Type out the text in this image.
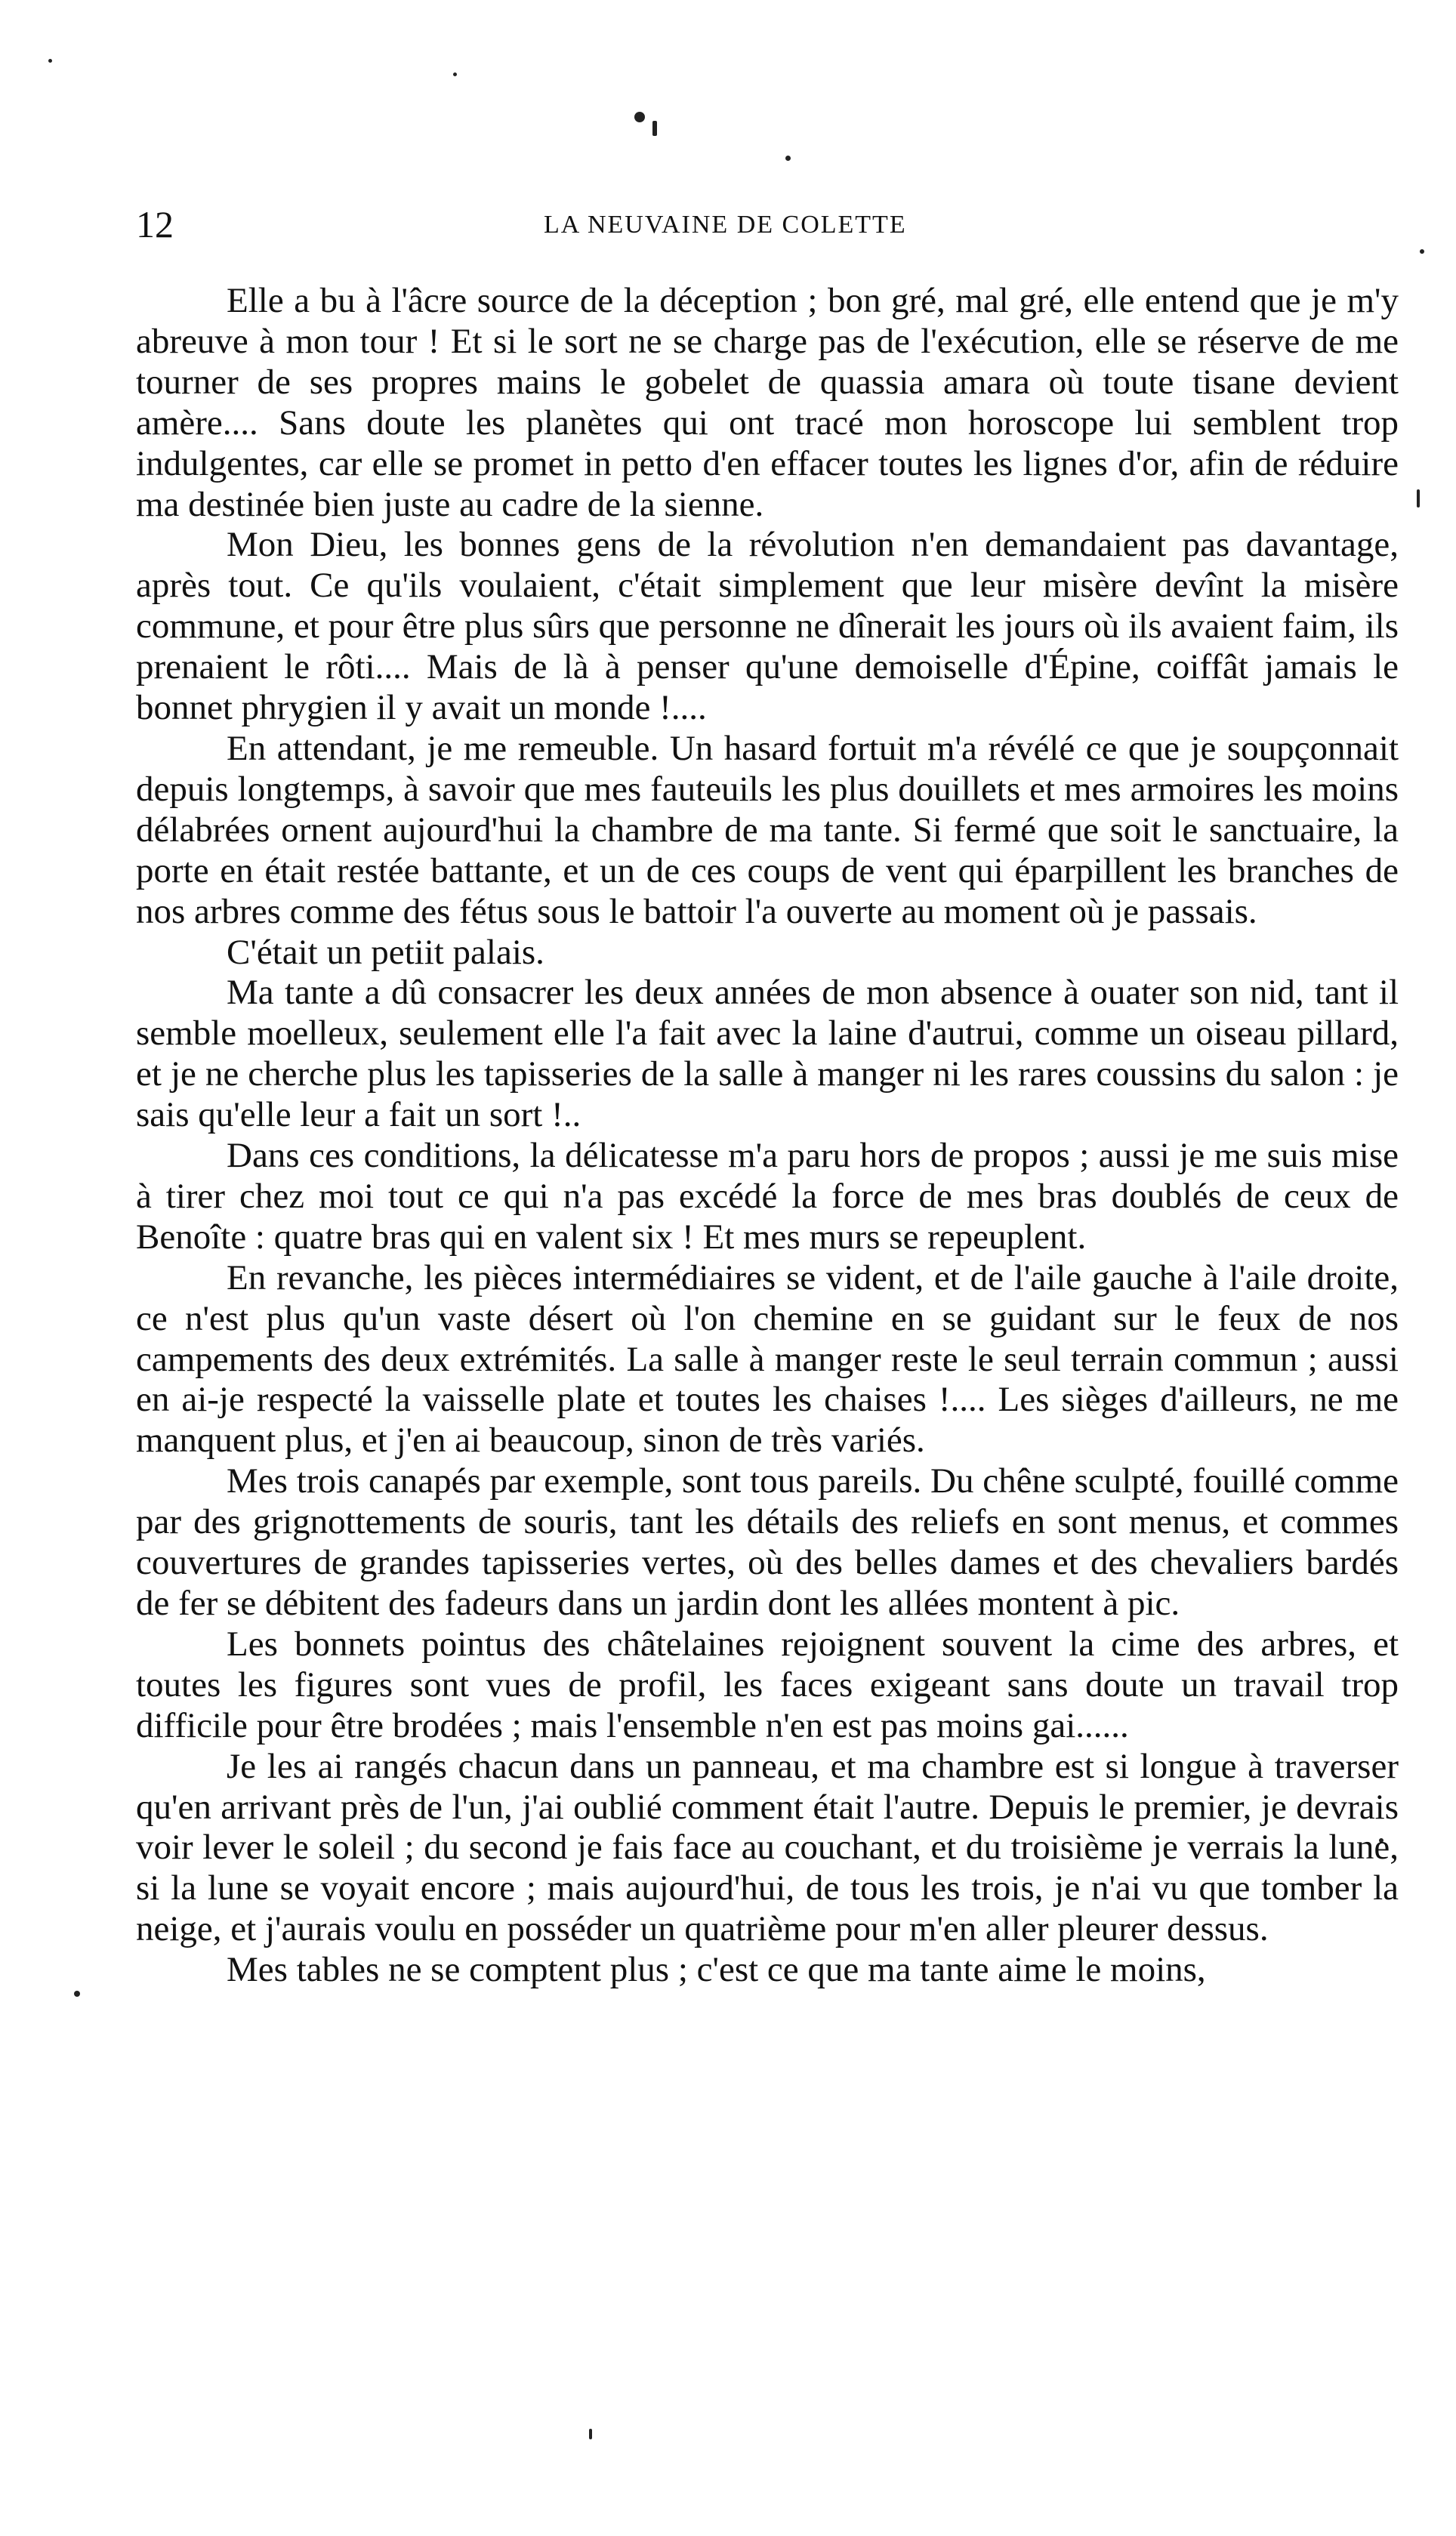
12	LA NEUVAINE DE COLETTE

Elle a bu à l'âcre source de la déception ; bon gré, mal gré, elle entend que je m'y abreuve à mon tour ! Et si le sort ne se charge pas de l'exécution, elle se réserve de me tourner de ses propres mains le gobelet de quassia amara où toute tisane devient amère.... Sans doute les planètes qui ont tracé mon horoscope lui semblent trop indulgentes, car elle se promet in petto d'en effacer toutes les lignes d'or, afin de réduire ma destinée bien juste au cadre de la sienne.

Mon Dieu, les bonnes gens de la révolution n'en demandaient pas davantage, après tout. Ce qu'ils voulaient, c'était simplement que leur misère devînt la misère commune, et pour être plus sûrs que personne ne dînerait les jours où ils avaient faim, ils prenaient le rôti.... Mais de là à penser qu'une demoiselle d'Épine, coiffât jamais le bonnet phrygien il y avait un monde !....

En attendant, je me remeuble. Un hasard fortuit m'a révélé ce que je soupçonnait depuis longtemps, à savoir que mes fauteuils les plus douillets et mes armoires les moins délabrées ornent aujourd'hui la chambre de ma tante. Si fermé que soit le sanctuaire, la porte en était restée battante, et un de ces coups de vent qui éparpillent les branches de nos arbres comme des fétus sous le battoir l'a ouverte au moment où je passais.

C'était un petiit palais.

Ma tante a dû consacrer les deux années de mon absence à ouater son nid, tant il semble moelleux, seulement elle l'a fait avec la laine d'autrui, comme un oiseau pillard, et je ne cherche plus les tapisseries de la salle à manger ni les rares coussins du salon : je sais qu'elle leur a fait un sort !..

Dans ces conditions, la délicatesse m'a paru hors de propos ; aussi je me suis mise à tirer chez moi tout ce qui n'a pas excédé la force de mes bras doublés de ceux de Benoîte : quatre bras qui en valent six ! Et mes murs se repeuplent.

En revanche, les pièces intermédiaires se vident, et de l'aile gauche à l'aile droite, ce n'est plus qu'un vaste désert où l'on chemine en se guidant sur le feux de nos campements des deux extrémités. La salle à manger reste le seul terrain commun ; aussi en ai-je respecté la vaisselle plate et toutes les chaises !.... Les sièges d'ailleurs, ne me manquent plus, et j'en ai beaucoup, sinon de très variés.

Mes trois canapés par exemple, sont tous pareils. Du chêne sculpté, fouillé comme par des grignottements de souris, tant les détails des reliefs en sont menus, et commes couvertures de grandes tapisseries vertes, où des belles dames et des chevaliers bardés de fer se débitent des fadeurs dans un jardin dont les allées montent à pic.

Les bonnets pointus des châtelaines rejoignent souvent la cime des arbres, et toutes les figures sont vues de profil, les faces exigeant sans doute un travail trop difficile pour être brodées ; mais l'ensemble n'en est pas moins gai......

Je les ai rangés chacun dans un panneau, et ma chambre est si longue à traverser qu'en arrivant près de l'un, j'ai oublié comment était l'autre. Depuis le premier, je devrais voir lever le soleil ; du second je fais face au couchant, et du troisième je verrais la lune, si la lune se voyait encore ; mais aujourd'hui, de tous les trois, je n'ai vu que tomber la neige, et j'aurais voulu en posséder un quatrième pour m'en aller pleurer dessus.

Mes tables ne se comptent plus ; c'est ce que ma tante aime le moins,
